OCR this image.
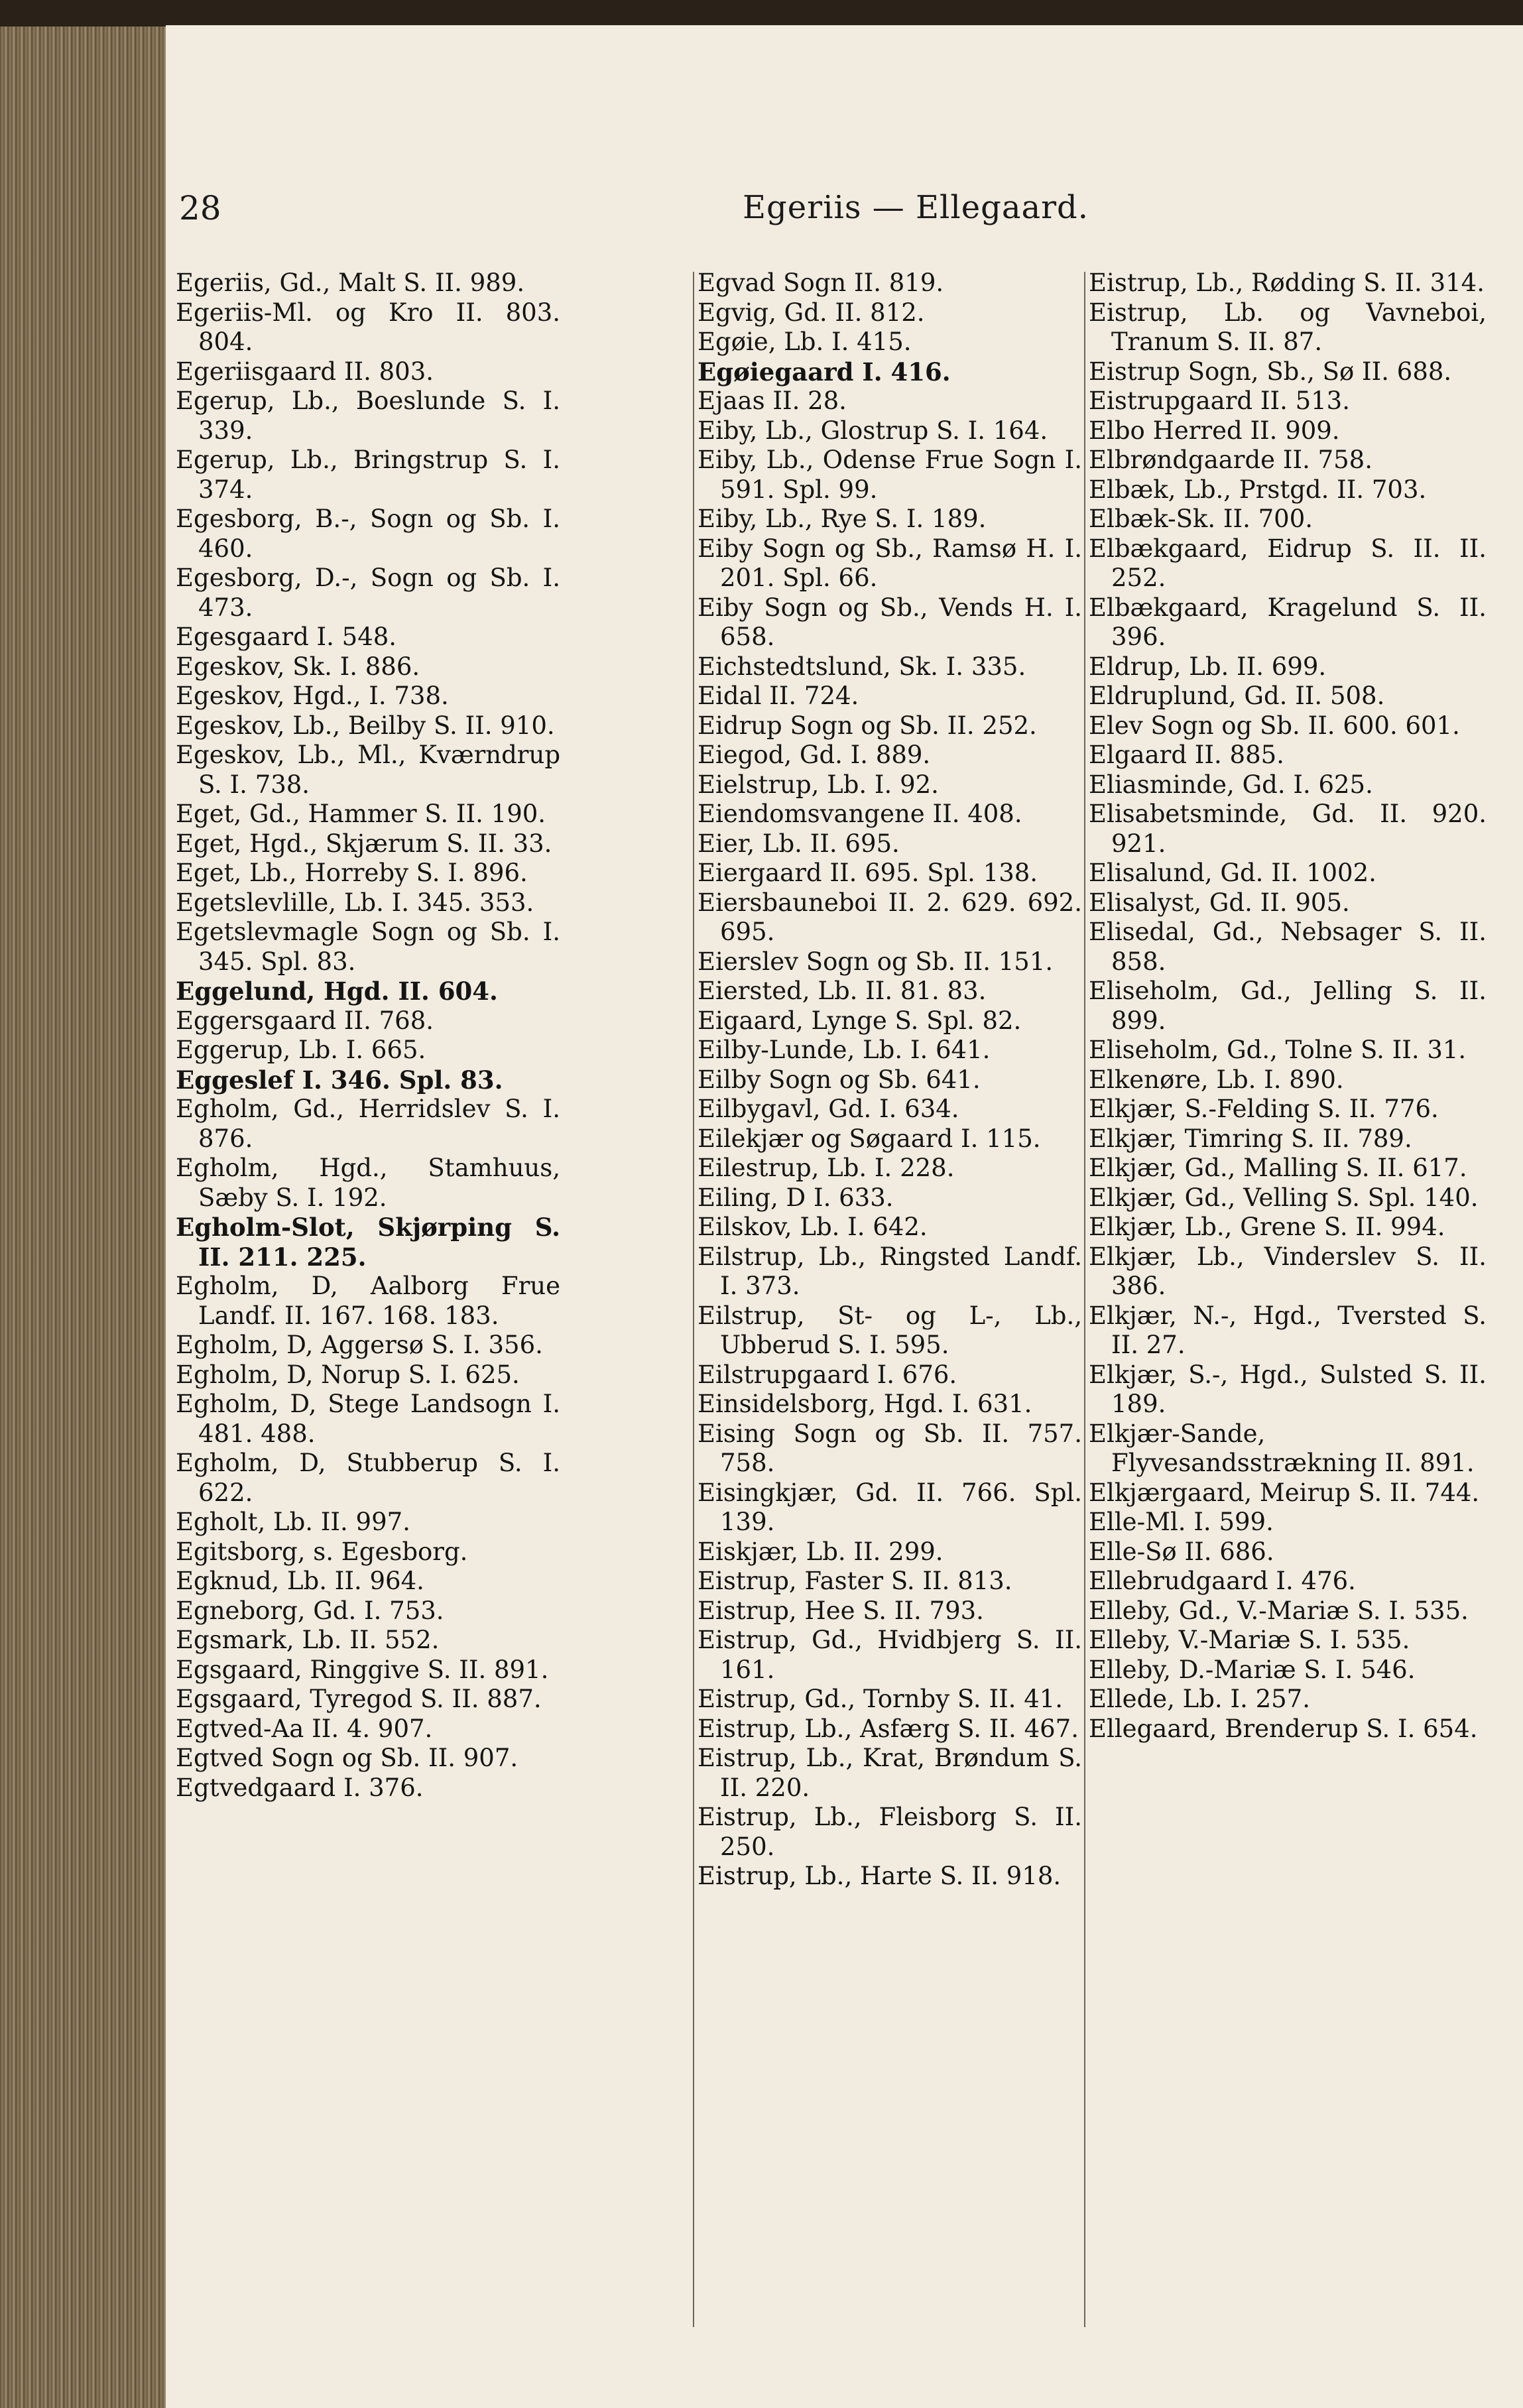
28	Egeriis — Ellegaard.
Egeriis, Gd., Malt S. II. 989.
Egeriis-Ml. og Kro II. 803. 804.
Egeriisgaard II. 803.
Egerup, Lb., Boeslunde S. I. 339.
Egerup, Lb., Bringstrup S. I. 374.
Egesborg, B.-, Sogn og Sb. I. 460.
Egesborg, D.-, Sogn og Sb. I. 473.
Egesgaard I. 548.
Egeskov, Sk. I. 886.
Egeskov, Hgd., I. 738.
Egeskov, Lb., Beilby S. II. 910.
Egeskov, Lb., Ml., Kværndrup S. I. 738.
Eget, Gd., Hammer S. II. 190.
Eget, Hgd., Skjærum S. II. 33.
Eget, Lb., Horreby S. I. 896.
Egetslevlille, Lb. I. 345. 353.
Egetslevmagle Sogn og Sb. I. 345. Spl. 83.
Eggelund, Hgd. II. 604.
Eggersgaard II. 768.
Eggerup, Lb. I. 665.
Eggeslef I. 346. Spl. 83.
Egholm, Gd., Herridslev S. I. 876.
Egholm, Hgd., Stamhuus, Sæby S. I. 192.
Egholm-Slot, Skjørping S. II. 211. 225.
Egholm, D, Aalborg Frue Landf. II. 167. 168. 183.
Egholm, D, Aggersø S. I. 356.
Egholm, D, Norup S. I. 625.
Egholm, D, Stege Landsogn I. 481. 488.
Egholm, D, Stubberup S. I. 622.
Egholt, Lb. II. 997.
Egitsborg, s. Egesborg.
Egknud, Lb. II. 964.
Egneborg, Gd. I. 753.
Egsmark, Lb. II. 552.
Egsgaard, Ringgive S. II. 891.
Egsgaard, Tyregod S. II. 887.
Egtved-Aa II. 4. 907.
Egtved Sogn og Sb. II. 907.
Egtvedgaard I. 376.
Egvad Sogn II. 819.
Egvig, Gd. II. 812.
Egøie, Lb. I. 415.
Egøiegaard I. 416.
Ejaas II. 28.
Eiby, Lb., Glostrup S. I. 164.
Eiby, Lb., Odense Frue Sogn I. 591. Spl. 99.
Eiby, Lb., Rye S. I. 189.
Eiby Sogn og Sb., Ramsø H. I. 201. Spl. 66.
Eiby Sogn og Sb., Vends H. I. 658.
Eichstedtslund, Sk. I. 335.
Eidal II. 724.
Eidrup Sogn og Sb. II. 252.
Eiegod, Gd. I. 889.
Eielstrup, Lb. I. 92.
Eiendomsvangene II. 408.
Eier, Lb. II. 695.
Eiergaard II. 695. Spl. 138.
Eiersbauneboi II. 2. 629. 692. 695.
Eierslev Sogn og Sb. II. 151.
Eiersted, Lb. II. 81. 83.
Eigaard, Lynge S. Spl. 82.
Eilby-Lunde, Lb. I. 641.
Eilby Sogn og Sb. 641.
Eilbygavl, Gd. I. 634.
Eilekjær og Søgaard I. 115.
Eilestrup, Lb. I. 228.
Eiling, D I. 633.
Eilskov, Lb. I. 642.
Eilstrup, Lb., Ringsted Landf. I. 373.
Eilstrup, St- og L-, Lb., Ubberud S. I. 595.
Eilstrupgaard I. 676.
Einsidelsborg, Hgd. I. 631.
Eising Sogn og Sb. II. 757. 758.
Eisingkjær, Gd. II. 766. Spl. 139.
Eiskjær, Lb. II. 299.
Eistrup, Faster S. II. 813.
Eistrup, Hee S. II. 793.
Eistrup, Gd., Hvidbjerg S. II. 161.
Eistrup, Gd., Tornby S. II. 41.
Eistrup, Lb., Asfærg S. II. 467.
Eistrup, Lb., Krat, Brøndum S. II. 220.
Eistrup, Lb., Fleisborg S. II. 250.
Eistrup, Lb., Harte S. II. 918.
Eistrup, Lb., Rødding S. II. 314.
Eistrup, Lb. og Vavneboi, Tranum S. II. 87.
Eistrup Sogn, Sb., Sø II. 688.
Eistrupgaard II. 513.
Elbo Herred II. 909.
Elbrøndgaarde II. 758.
Elbæk, Lb., Prstgd. II. 703.
Elbæk-Sk. II. 700.
Elbækgaard, Eidrup S. II. II. 252.
Elbækgaard, Kragelund S. II. 396.
Eldrup, Lb. II. 699.
Eldruplund, Gd. II. 508.
Elev Sogn og Sb. II. 600. 601.
Elgaard II. 885.
Eliasminde, Gd. I. 625.
Elisabetsminde, Gd. II. 920. 921.
Elisalund, Gd. II. 1002.
Elisalyst, Gd. II. 905.
Elisedal, Gd., Nebsager S. II. 858.
Eliseholm, Gd., Jelling S. II. 899.
Eliseholm, Gd., Tolne S. II. 31.
Elkenøre, Lb. I. 890.
Elkjær, S.-Felding S. II. 776.
Elkjær, Timring S. II. 789.
Elkjær, Gd., Malling S. II. 617.
Elkjær, Gd., Velling S. Spl. 140.
Elkjær, Lb., Grene S. II. 994.
Elkjær, Lb., Vinderslev S. II. 386.
Elkjær, N.-, Hgd., Tversted S. II. 27.
Elkjær, S.-, Hgd., Sulsted S. II. 189.
Elkjær-Sande, Flyvesandsstrækning II. 891.
Elkjærgaard, Meirup S. II. 744.
Elle-Ml. I. 599.
Elle-Sø II. 686.
Ellebrudgaard I. 476.
Elleby, Gd., V.-Mariæ S. I. 535.
Elleby, V.-Mariæ S. I. 535.
Elleby, D.-Mariæ S. I. 546.
Ellede, Lb. I. 257.
Ellegaard, Brenderup S. I. 654.
